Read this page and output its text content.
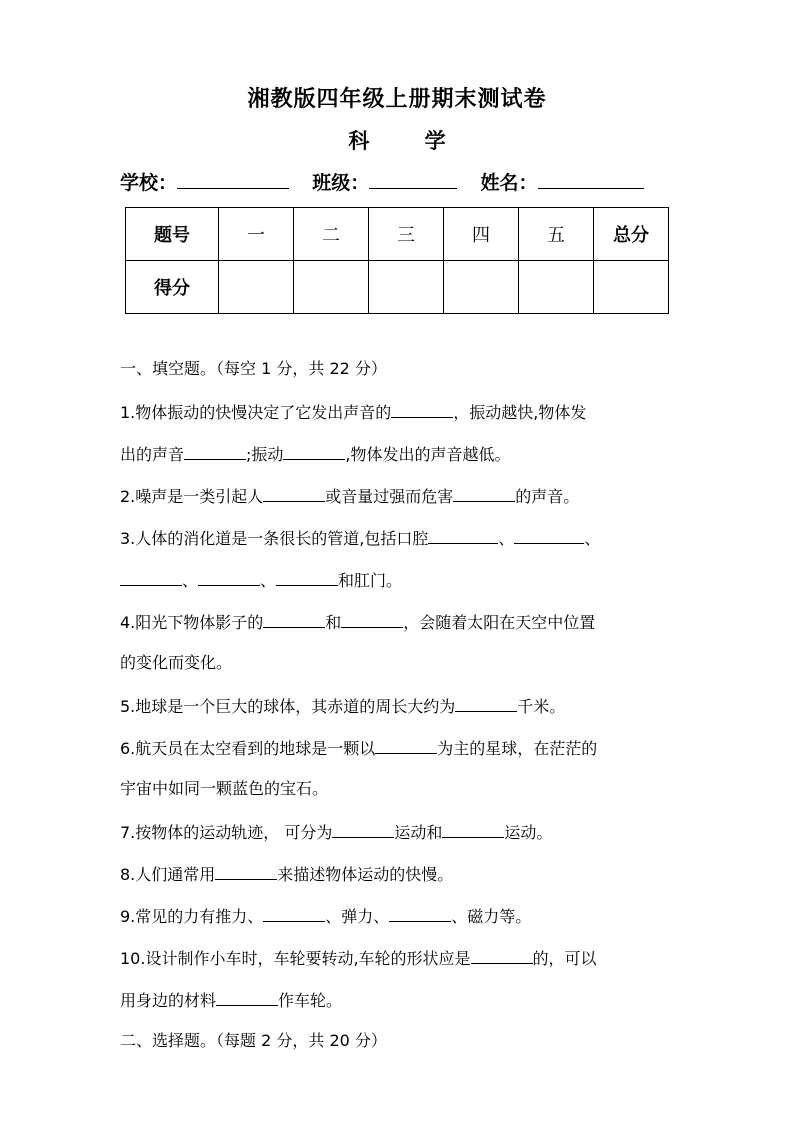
湘教版四年级上册期末测试卷
科 学
学校：	班级：	姓名：
题号	一	二	三	四	五	总分
得分						
一、填空题。（每空 1 分，共 22 分）
1.物体振动的快慢决定了它发出声音的	，振动越快,物体发
出的声音	;振动	,物体发出的声音越低。
2.噪声是一类引起人	或音量过强而危害	的声音。
3.人体的消化道是一条很长的管道,包括口腔	、	、
、	、	和肛门。
4.阳光下物体影子的	和	，会随着太阳在天空中位置
的变化而变化。
5.地球是一个巨大的球体，其赤道的周长大约为	千米。
6.航天员在太空看到的地球是一颗以	为主的星球，在茫茫的
宇宙中如同一颗蓝色的宝石。
7.按物体的运动轨迹， 可分为	运动和	运动。
8.人们通常用	来描述物体运动的快慢。
9.常见的力有推力、	、弹力、	、磁力等。
10.设计制作小车时，车轮要转动,车轮的形状应是	的，可以
用身边的材料	作车轮。
二、选择题。（每题 2 分，共 20 分）
